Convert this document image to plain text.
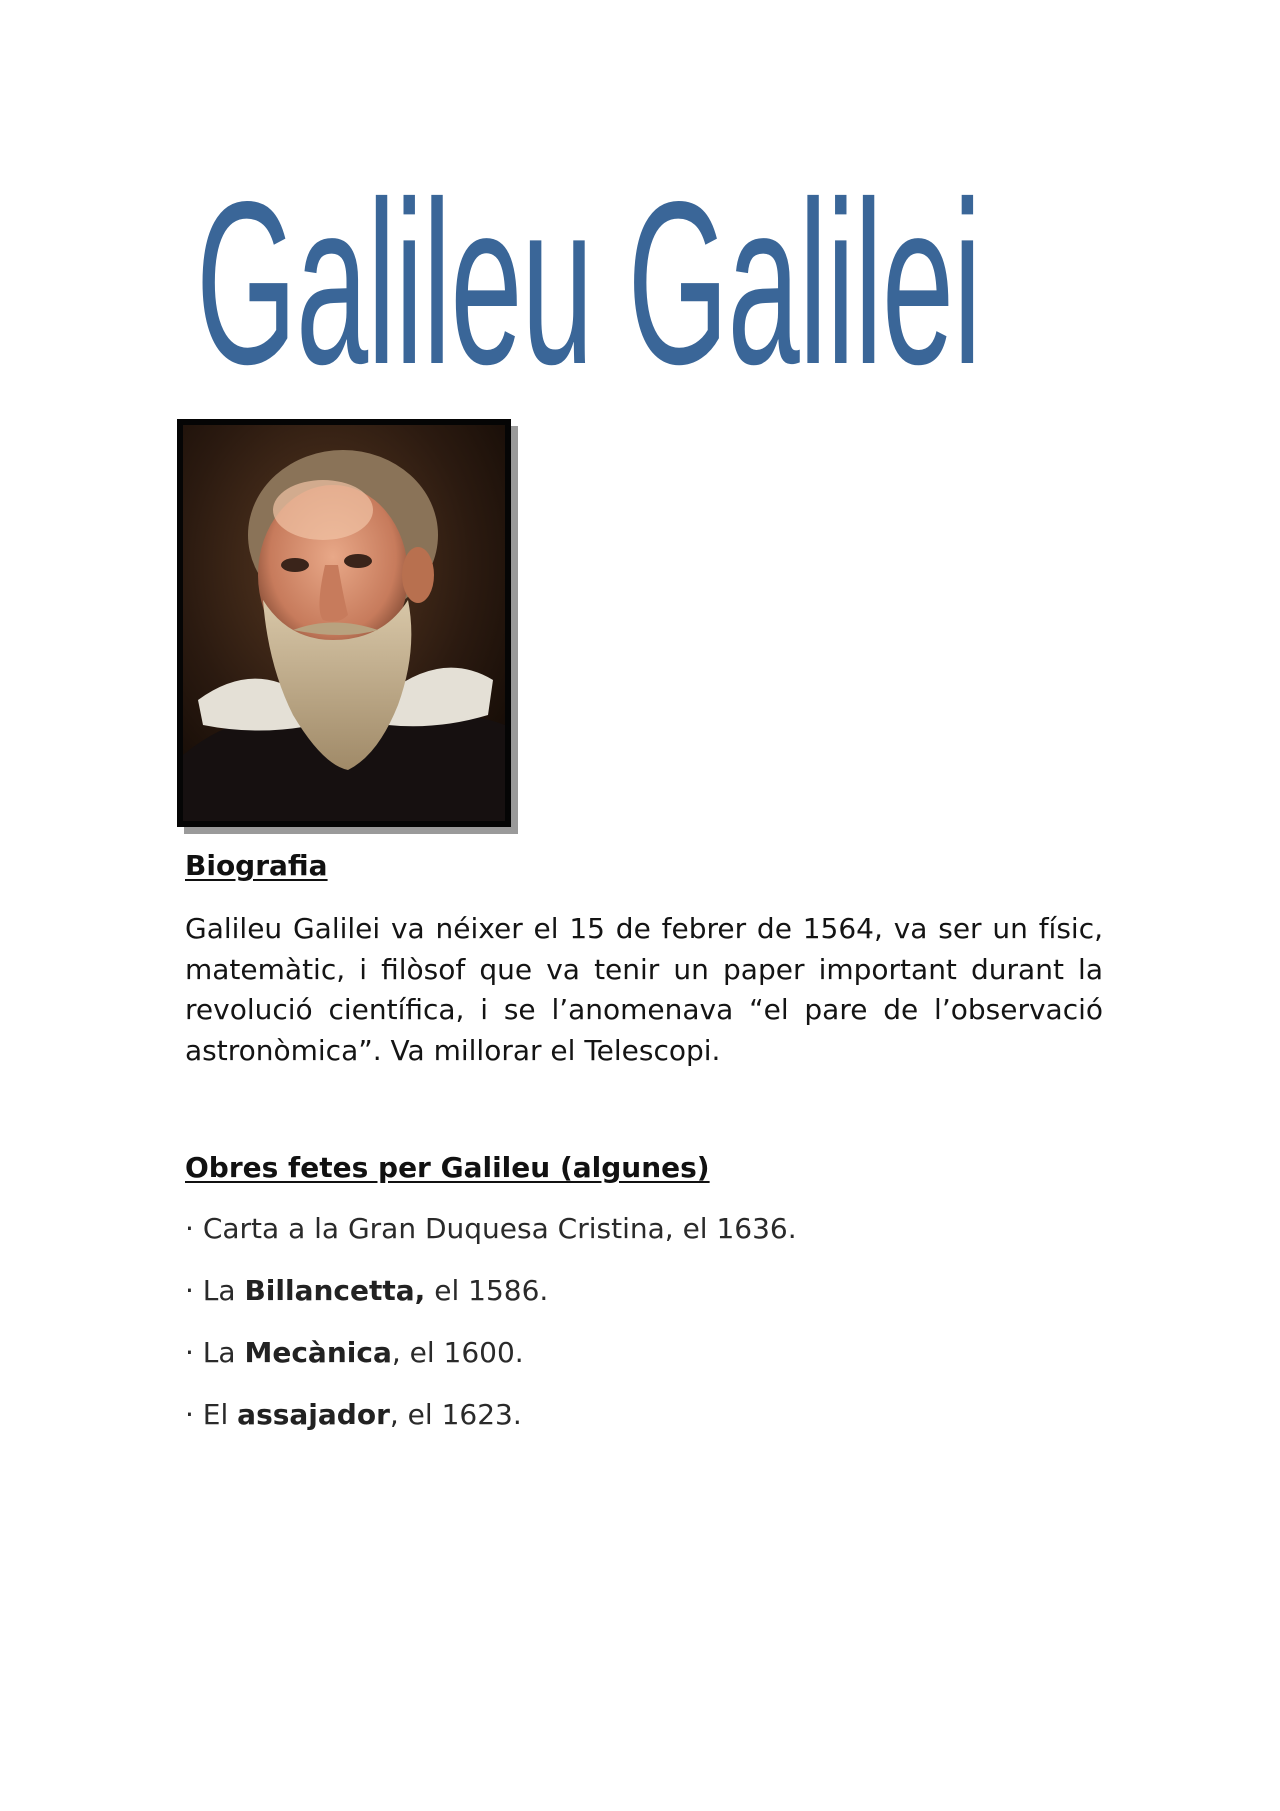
Galileu Galilei
Biografia

Galileu Galilei va néixer el 15 de febrer de 1564, va ser un físic, matemàtic, i filòsof que va tenir un paper important durant la revolució científica, i se l’anomenava “el pare de l’observació astronòmica”. Va millorar el Telescopi.

Obres fetes per Galileu (algunes)
· Carta a la Gran Duquesa Cristina, el 1636.
· La Billancetta, el 1586.
· La Mecànica, el 1600.
· El assajador, el 1623.
